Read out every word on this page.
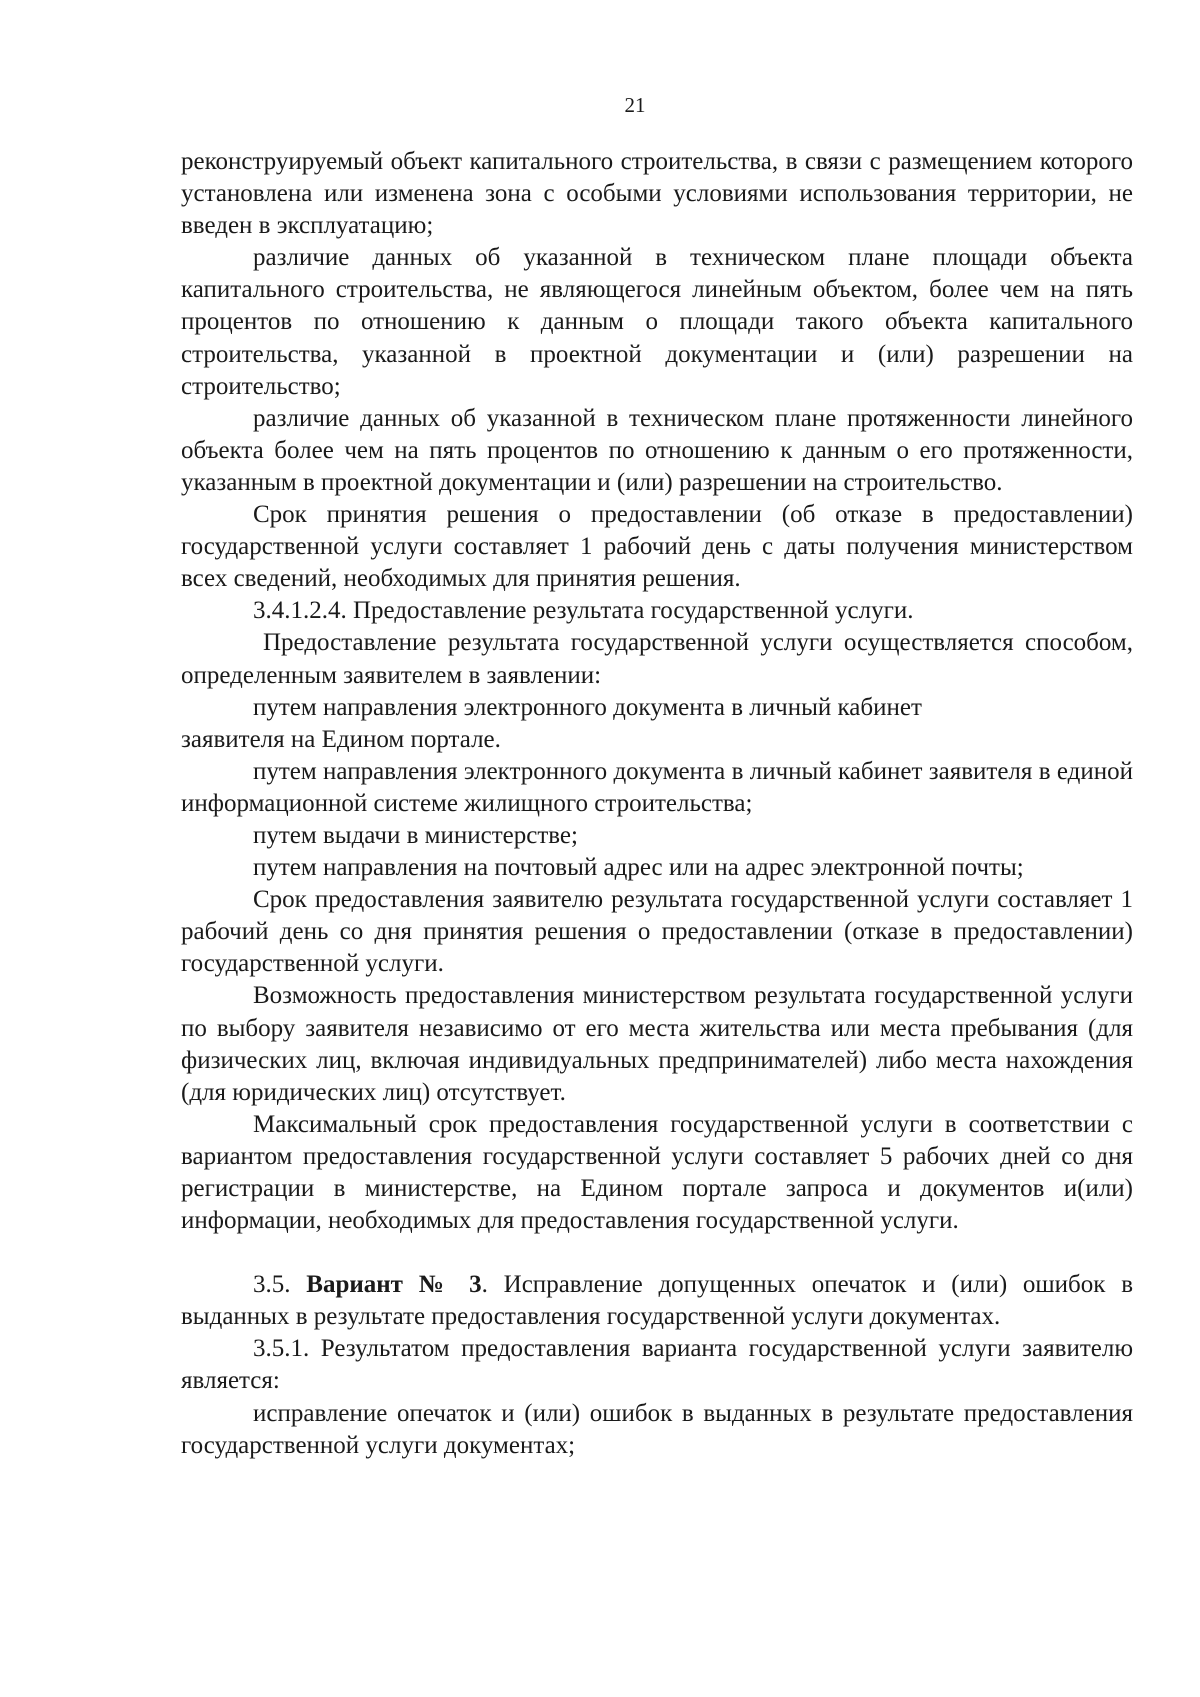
21

реконструируемый объект капитального строительства, в связи с размещением которого установлена или изменена зона с особыми условиями использования территории, не введен в эксплуатацию;

различие данных об указанной в техническом плане площади объекта капитального строительства, не являющегося линейным объектом, более чем на пять процентов по отношению к данным о площади такого объекта капитального строительства, указанной в проектной документации и (или) разрешении на строительство;

различие данных об указанной в техническом плане протяженности линейного объекта более чем на пять процентов по отношению к данным о его протяженности, указанным в проектной документации и (или) разрешении на строительство.

Срок принятия решения о предоставлении (об отказе в предоставлении) государственной услуги составляет 1 рабочий день с даты получения министерством всех сведений, необходимых для принятия решения.

3.4.1.2.4. Предоставление результата государственной услуги.

Предоставление результата государственной услуги осуществляется способом, определенным заявителем в заявлении:

путем направления электронного документа в личный кабинет
заявителя на Едином портале.

путем направления электронного документа в личный кабинет заявителя в единой информационной системе жилищного строительства;

путем выдачи в министерстве;

путем направления на почтовый адрес или на адрес электронной почты;

Срок предоставления заявителю результата государственной услуги составляет 1 рабочий день со дня принятия решения о предоставлении (отказе в предоставлении) государственной услуги.

Возможность предоставления министерством результата государственной услуги по выбору заявителя независимо от его места жительства или места пребывания (для физических лиц, включая индивидуальных предпринимателей) либо места нахождения (для юридических лиц) отсутствует.

Максимальный срок предоставления государственной услуги в соответствии с вариантом предоставления государственной услуги составляет 5 рабочих дней со дня регистрации в министерстве, на Едином портале запроса и документов и(или) информации, необходимых для предоставления государственной услуги.

3.5. Вариант № 3. Исправление допущенных опечаток и (или) ошибок в выданных в результате предоставления государственной услуги документах.

3.5.1. Результатом предоставления варианта государственной услуги заявителю является:

исправление опечаток и (или) ошибок в выданных в результате предоставления государственной услуги документах;
